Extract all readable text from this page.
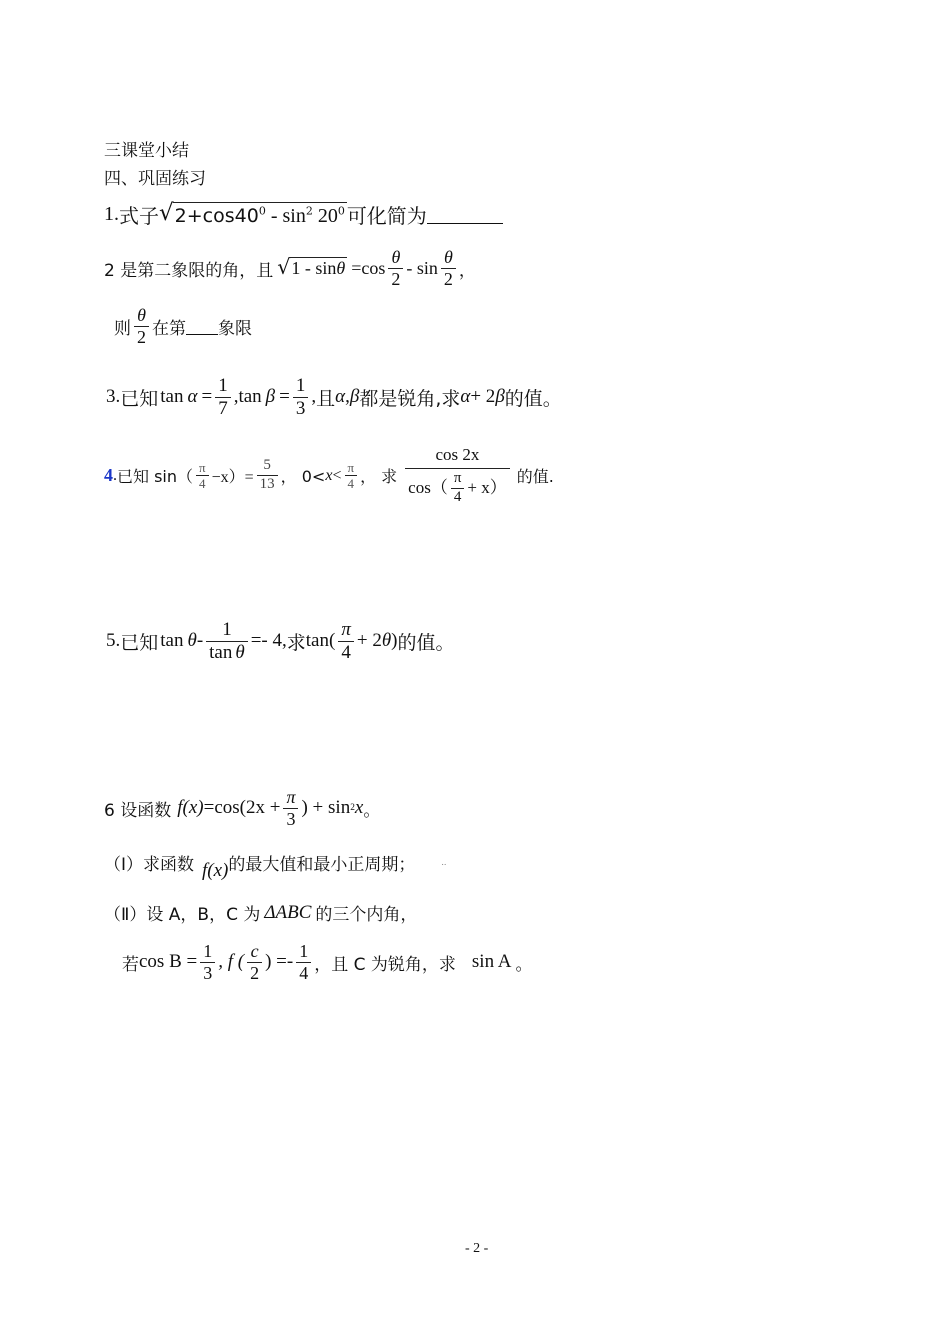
三课堂小结
四、巩固练习
1. 式子 √ $2+\cos 40^0 - \sin^2 20^0$ 可化简为
2 是第二象限的角，且 √ $1 - \sin\theta =\cos \frac{\theta}{2} - \sin \frac{\theta}{2}$ ，
则 $\frac{\theta}{2}$ 在第 象限
3. 已知 $\tan \alpha = \frac{1}{7}$ , $\tan \beta = \frac{1}{3}$ , 且 α , β 都是锐角,求 α + 2 β 的值。
4 . 已知 $\sin( \frac{\pi}{4} -x)= \frac{5}{13}$ ， $0< x < \frac{\pi}{4}$ ， 求 $\frac{\cos 2x}{\cos( \frac{\pi}{4} + x)}$ 的值.
5. 已知 $\tan \theta - \frac{1}{\text{tan θ}} =- 4$, 求 $\tan( \frac{\pi}{4} + 2$ θ ) 的值。
6 设函数 f $(x) =\cos(2x + \frac{\pi}{3}$ ) + sin 2 x 。
（Ⅰ）求函数 f (x) 的最大值和最小正周期；	..
（Ⅱ）设 A，B，C 为 ΔABC 的三个内角，
若 $\cos B = \frac{1}{3}$ , f ( $\frac{c}{2}$ ) =- $\frac{1}{4}$ ，且 C 为锐角，求 sin A 。
- 2 -
